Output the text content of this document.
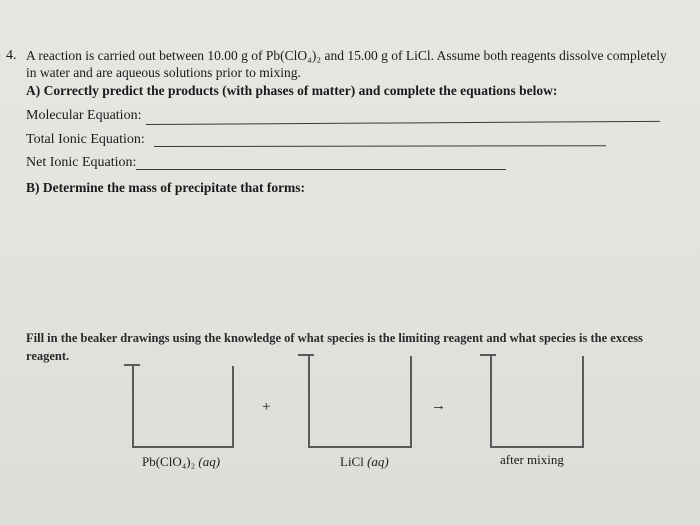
4. A reaction is carried out between 10.00 g of Pb(ClO₄)₂ and 15.00 g of LiCl. Assume both reagents dissolve completely
in water and are aqueous solutions prior to mixing.
A) Correctly predict the products (with phases of matter) and complete the equations below:
Molecular Equation:
Total Ionic Equation:
Net Ionic Equation:
B) Determine the mass of precipitate that forms:
Fill in the beaker drawings using the knowledge of what species is the limiting reagent and what species is the excess
reagent.
Pb(ClO₄)₂ (aq)
+
LiCl (aq)
→
after mixing
